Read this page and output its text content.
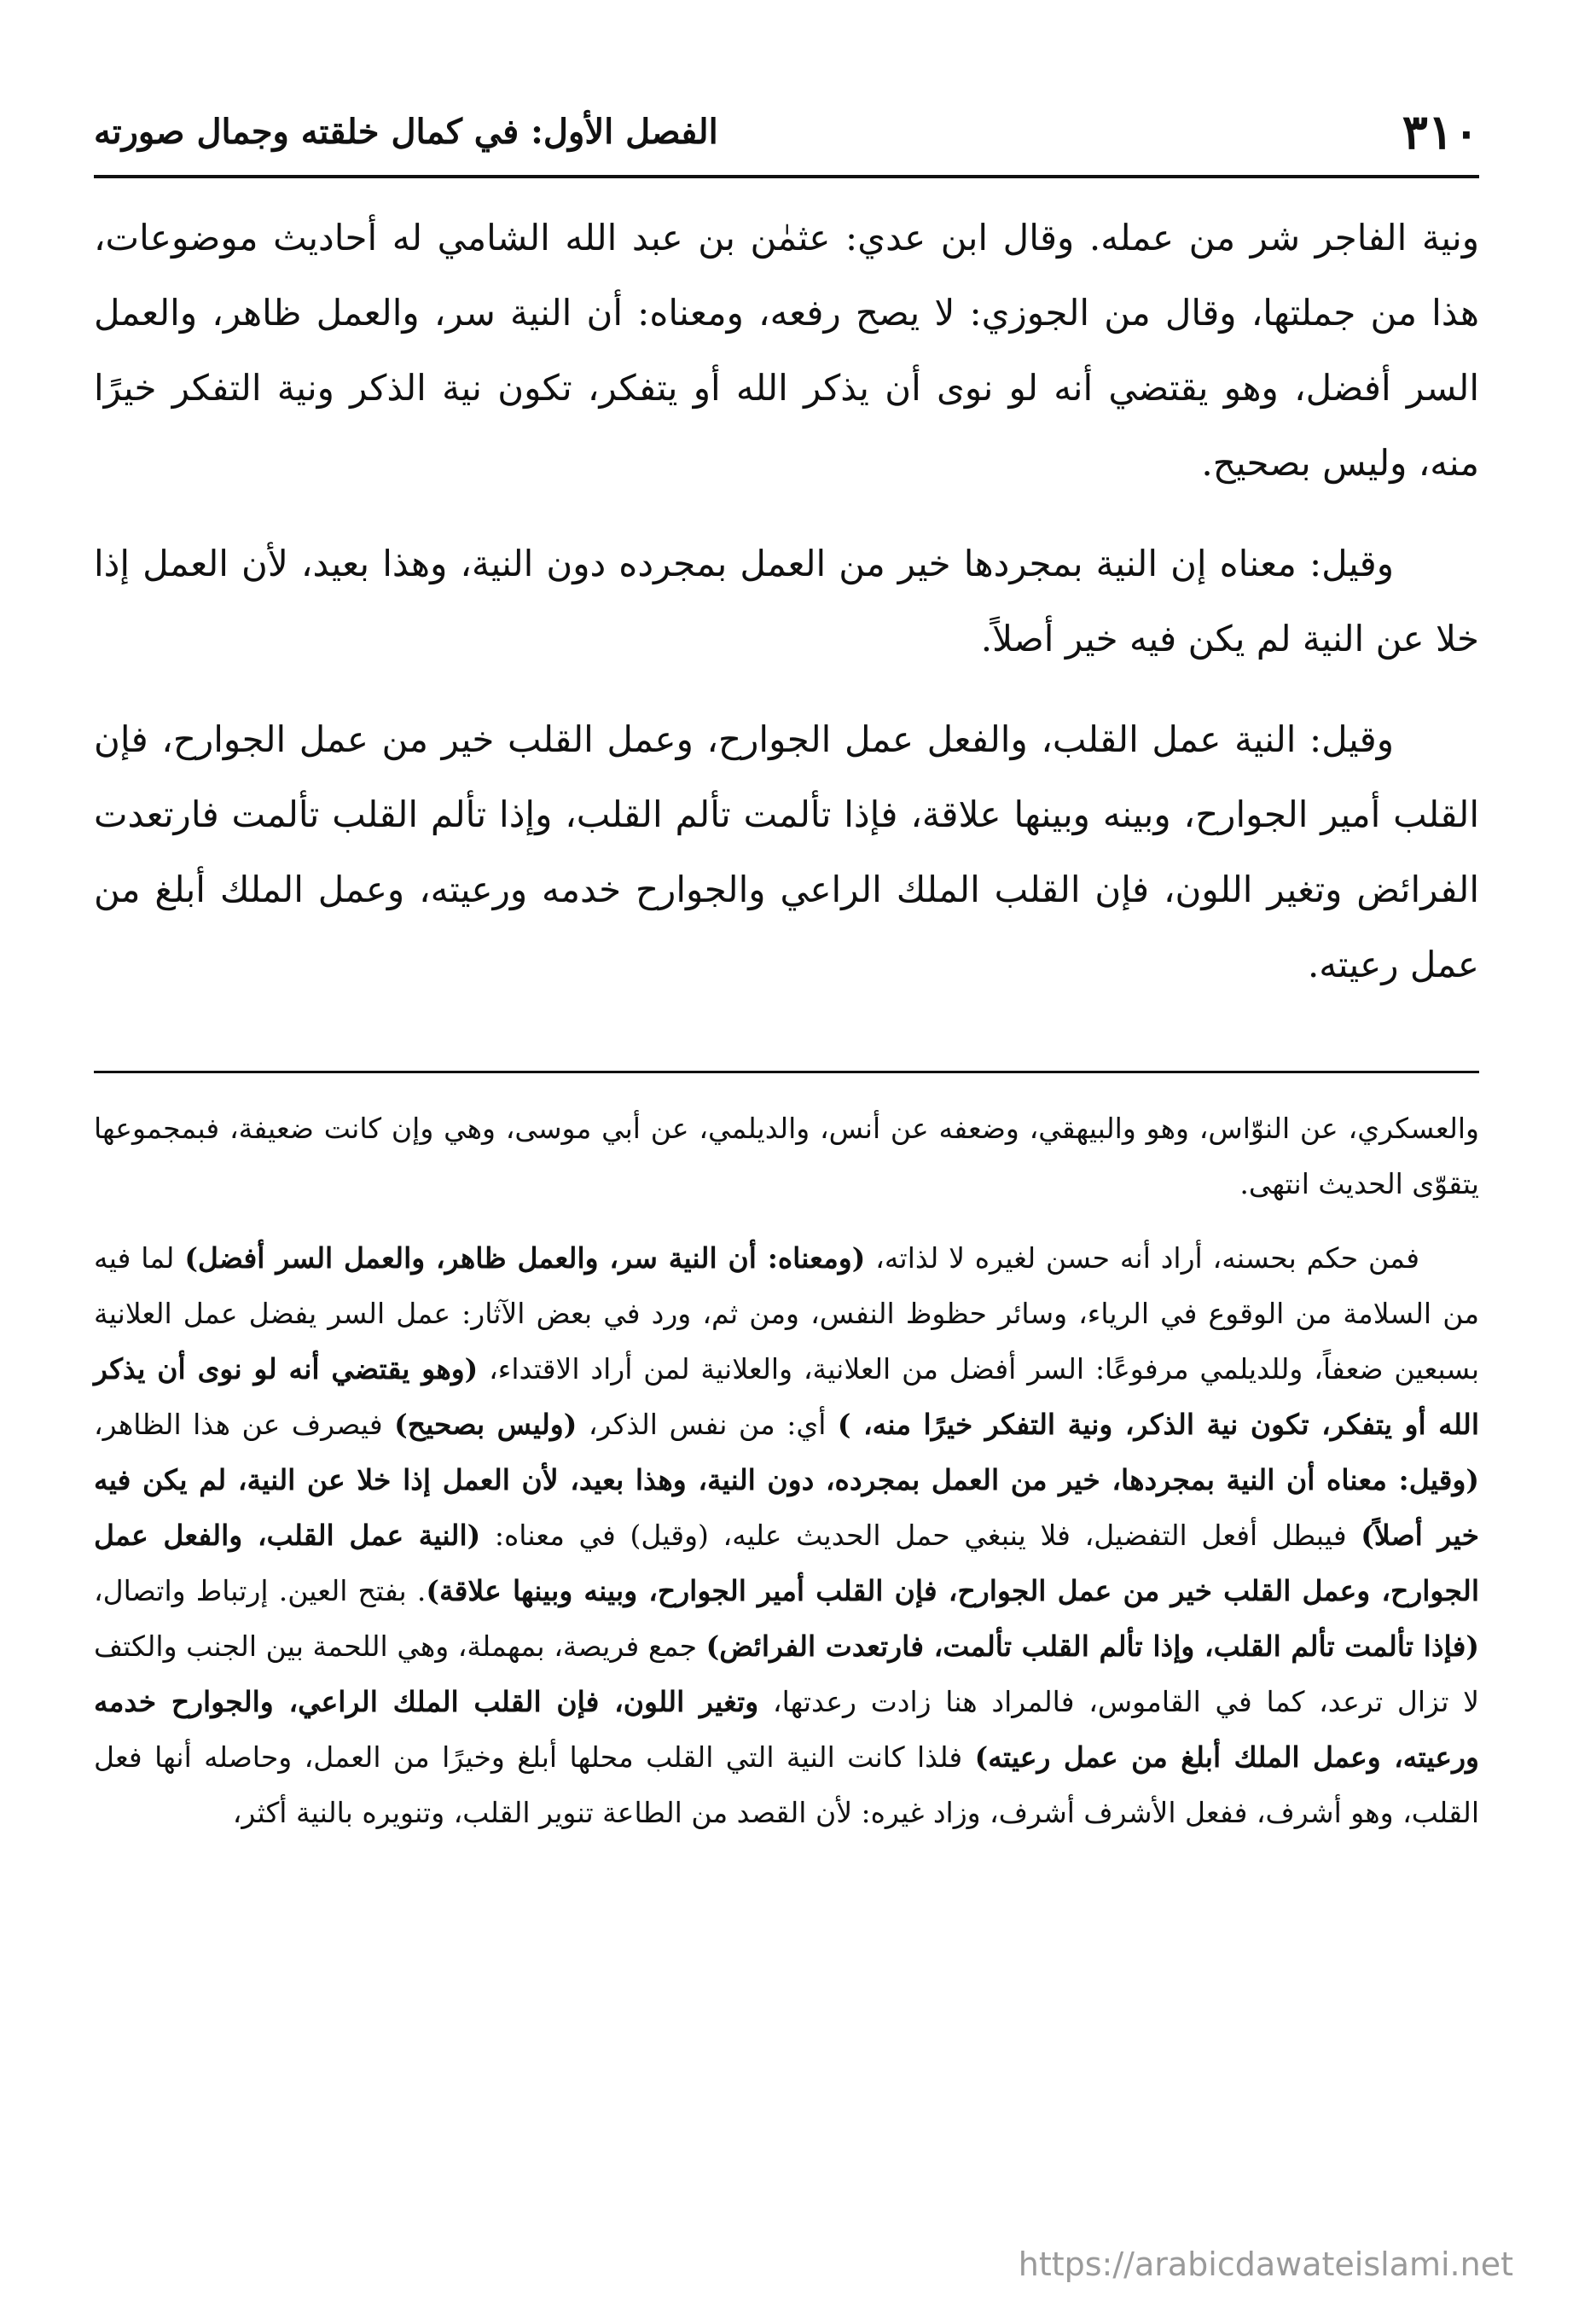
٣١٠
الفصل الأول: في كمال خلقته وجمال صورته

ونية الفاجر شر من عمله. وقال ابن عدي: عثمٰن بن عبد الله الشامي له أحاديث موضوعات، هذا من جملتها، وقال من الجوزي: لا يصح رفعه، ومعناه: أن النية سر، والعمل ظاهر، والعمل السر أفضل، وهو يقتضي أنه لو نوى أن يذكر الله أو يتفكر، تكون نية الذكر ونية التفكر خيرًا منه، وليس بصحيح.

وقيل: معناه إن النية بمجردها خير من العمل بمجرده دون النية، وهذا بعيد، لأن العمل إذا خلا عن النية لم يكن فيه خير أصلاً.

وقيل: النية عمل القلب، والفعل عمل الجوارح، وعمل القلب خير من عمل الجوارح، فإن القلب أمير الجوارح، وبينه وبينها علاقة، فإذا تألمت تألم القلب، وإذا تألم القلب تألمت فارتعدت الفرائض وتغير اللون، فإن القلب الملك الراعي والجوارح خدمه ورعيته، وعمل الملك أبلغ من عمل رعيته.

والعسكري، عن النوّاس، وهو والبيهقي، وضعفه عن أنس، والديلمي، عن أبي موسى، وهي وإن كانت ضعيفة، فبمجموعها يتقوّى الحديث انتهى.

فمن حكم بحسنه، أراد أنه حسن لغيره لا لذاته، (ومعناه: أن النية سر، والعمل ظاهر، والعمل السر أفضل) لما فيه من السلامة من الوقوع في الرياء، وسائر حظوظ النفس، ومن ثم، ورد في بعض الآثار: عمل السر يفضل عمل العلانية بسبعين ضعفاً، وللديلمي مرفوعًا: السر أفضل من العلانية، والعلانية لمن أراد الاقتداء، (وهو يقتضي أنه لو نوى أن يذكر الله أو يتفكر، تكون نية الذكر، ونية التفكر خيرًا منه، ) أي: من نفس الذكر، (وليس بصحيح) فيصرف عن هذا الظاهر، (وقيل: معناه أن النية بمجردها، خير من العمل بمجرده، دون النية، وهذا بعيد، لأن العمل إذا خلا عن النية، لم يكن فيه خير أصلاً) فيبطل أفعل التفضيل، فلا ينبغي حمل الحديث عليه، (وقيل) في معناه: (النية عمل القلب، والفعل عمل الجوارح، وعمل القلب خير من عمل الجوارح، فإن القلب أمير الجوارح، وبينه وبينها علاقة). بفتح العين. إرتباط واتصال، (فإذا تألمت تألم القلب، وإذا تألم القلب تألمت، فارتعدت الفرائض) جمع فريصة، بمهملة، وهي اللحمة بين الجنب والكتف لا تزال ترعد، كما في القاموس، فالمراد هنا زادت رعدتها، وتغير اللون، فإن القلب الملك الراعي، والجوارح خدمه ورعيته، وعمل الملك أبلغ من عمل رعيته) فلذا كانت النية التي القلب محلها أبلغ وخيرًا من العمل، وحاصله أنها فعل القلب، وهو أشرف، ففعل الأشرف أشرف، وزاد غيره: لأن القصد من الطاعة تنوير القلب، وتنويره بالنية أكثر،

https://arabicdawateislami.net
